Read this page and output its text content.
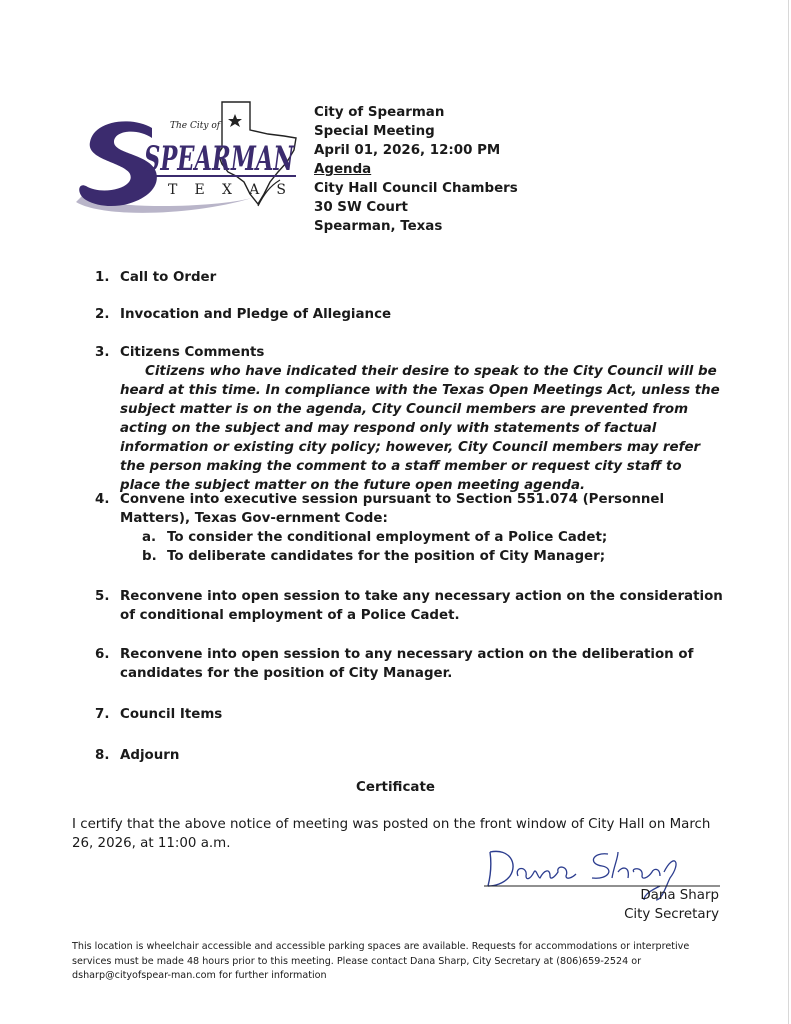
The City of
SPEARMAN
T E X A S
City of Spearman
Special Meeting
April 01, 2026, 12:00 PM
Agenda
City Hall Council Chambers
30 SW Court
Spearman, Texas
1. Call to Order
2. Invocation and Pledge of Allegiance
3. Citizens Comments
Citizens who have indicated their desire to speak to the City Council will be heard at this time. In compliance with the Texas Open Meetings Act, unless the subject matter is on the agenda, City Council members are prevented from acting on the subject and may respond only with statements of factual information or existing city policy; however, City Council members may refer the person making the comment to a staff member or request city staff to place the subject matter on the future open meeting agenda.
4. Convene into executive session pursuant to Section 551.074 (Personnel Matters), Texas Gov-ernment Code:
a. To consider the conditional employment of a Police Cadet;
b. To deliberate candidates for the position of City Manager;
5. Reconvene into open session to take any necessary action on the consideration of conditional employment of a Police Cadet.
6. Reconvene into open session to any necessary action on the deliberation of candidates for the position of City Manager.
7. Council Items
8. Adjourn
Certificate
I certify that the above notice of meeting was posted on the front window of City Hall on March 26, 2026, at 11:00 a.m.
Dana Sharp
City Secretary
This location is wheelchair accessible and accessible parking spaces are available. Requests for accommodations or interpretive services must be made 48 hours prior to this meeting. Please contact Dana Sharp, City Secretary at (806)659-2524 or dsharp@cityofspear-man.com for further information
